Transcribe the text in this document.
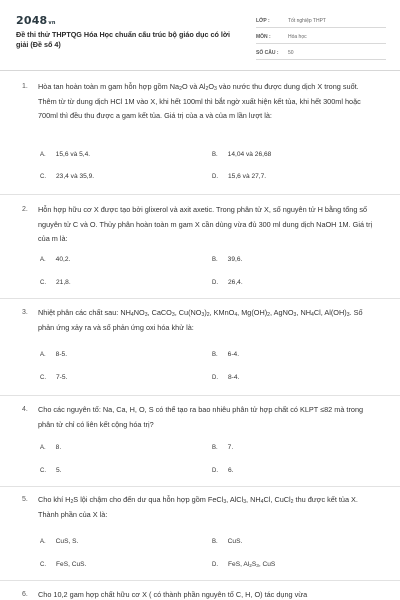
2048vn
Đề thi thử THPTQG Hóa Học chuẩn cấu trúc bộ giáo dục có lời giải (Đề số 4)
LỚP :	Tốt nghiệp THPT
MÔN :	Hóa học
SỐ CÂU :	50
1. Hòa tan hoàn toàn m gam hỗn hợp gồm $Na_2O$ và $Al_2O_3$ vào nước thu được dung dịch X trong suốt. Thêm từ từ dung dịch HCl 1M vào X, khi hết 100ml thì bắt ngờ xuất hiện kết tủa, khi hết 300ml hoặc 700ml thì đều thu được a gam kết tủa. Giá trị của a và của m lần lượt là:
A. 15,6 và 5,4.	B. 14,04 và 26,68
C. 23,4 và 35,9.	D. 15,6 và 27,7.
2. Hỗn hợp hữu cơ X được tạo bởi glixerol và axit axetic. Trong phân tử X, số nguyên tử H bằng tổng số nguyên tử C và O. Thủy phân hoàn toàn m gam X cần dùng vừa đủ 300 ml dung dịch NaOH 1M. Giá trị của m là:
A. 40,2.	B. 39,6.
C. 21,8.	D. 26,4.
3. Nhiệt phân các chất sau: $NH_4NO_3$, CaCO$_3$, $Cu(NO_3)_2$, KMnO$_4$, $Mg(OH)_2$, AgNO$_3$, $NH_4Cl$, $Al(OH)_3$. Số phản ứng xảy ra và số phản ứng oxi hóa khử là:
A. 8-5.	B. 6-4.
C. 7-5.	D. 8-4.
4. Cho các nguyên tố: Na, Ca, H, O, S có thể tạo ra bao nhiêu phân tử hợp chất có KLPT ≤82 mà trong phân tử chỉ có liên kết cộng hóa trị?
A. 8.	B. 7.
C. 5.	D. 6.
5. Cho khí $H_2S$ lội chậm cho đến dư qua hỗn hợp gồm FeCl$_3$, AlCl$_3$, $NH_4Cl$, CuCl$_2$ thu được kết tủa X. Thành phần của X là:
A. CuS, S.	B. CuS.
C. FeS, CuS.	D. FeS, $Al_2S_3$, CuS
6. Cho 10,2 gam hợp chất hữu cơ X ( có thành phần nguyên tố C, H, O) tác dụng vừa
